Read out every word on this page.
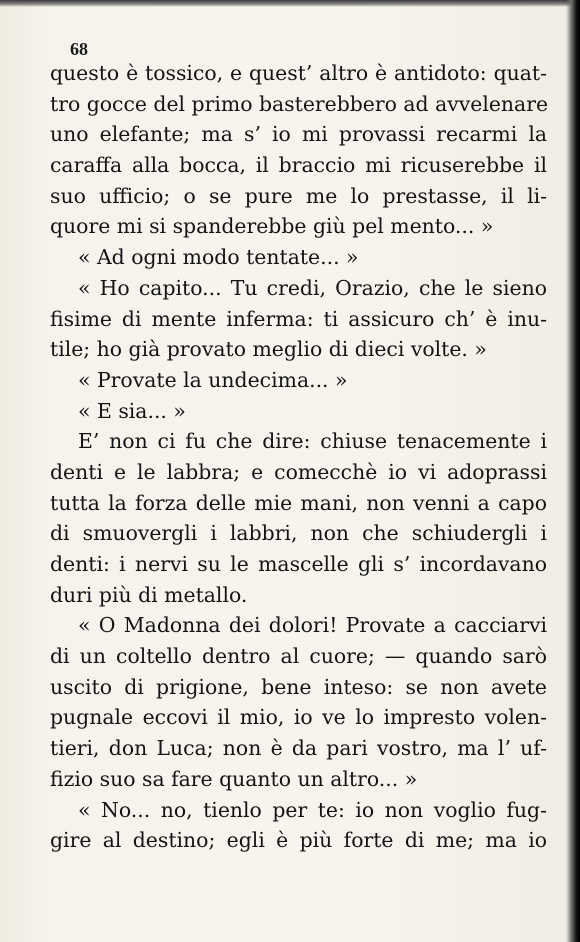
68
questo è tossico, e quest’ altro è antidoto: quat-
tro gocce del primo basterebbero ad avvelenare
uno elefante; ma s’ io mi provassi recarmi la
caraffa alla bocca, il braccio mi ricuserebbe il
suo ufficio; o se pure me lo prestasse, il li-
quore mi si spanderebbe giù pel mento... »
« Ad ogni modo tentate... »
« Ho capito... Tu credi, Orazio, che le sieno
fisime di mente inferma: ti assicuro ch’ è inu-
tile; ho già provato meglio di dieci volte. »
« Provate la undecima... »
« E sia... »
E’ non ci fu che dire: chiuse tenacemente i
denti e le labbra; e comecchè io vi adoprassi
tutta la forza delle mie mani, non venni a capo
di smuovergli i labbri, non che schiudergli i
denti: i nervi su le mascelle gli s’ incordavano
duri più di metallo.
« O Madonna dei dolori! Provate a cacciarvi
di un coltello dentro al cuore; — quando sarò
uscito di prigione, bene inteso: se non avete
pugnale eccovi il mio, io ve lo impresto volen-
tieri, don Luca; non è da pari vostro, ma l’ uf-
fizio suo sa fare quanto un altro... »
« No... no, tienlo per te: io non voglio fug-
gire al destino; egli è più forte di me; ma io
